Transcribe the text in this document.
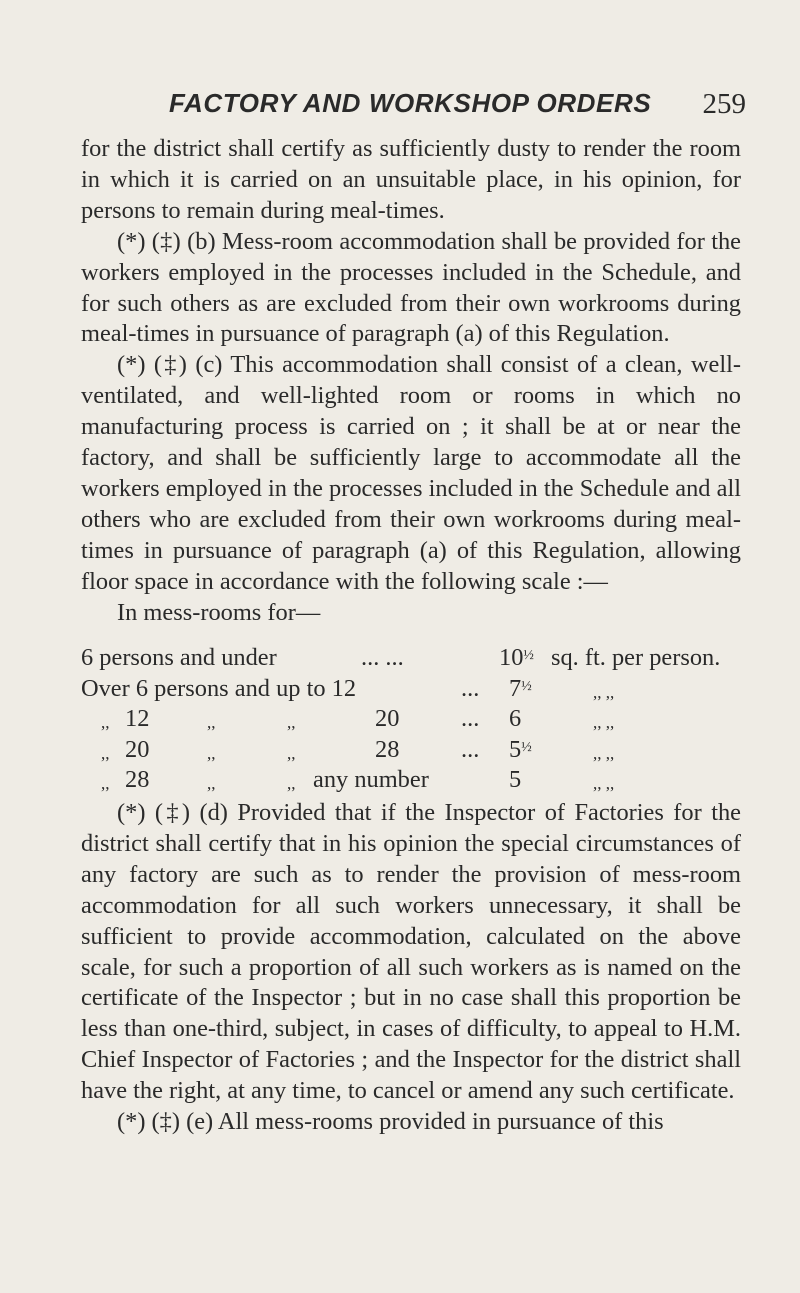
FACTORY AND WORKSHOP ORDERS	259

for the district shall certify as sufficiently dusty to render the room in which it is carried on an unsuitable place, in his opinion, for persons to remain during meal-times.

(*) (‡) (b) Mess-room accommodation shall be provided for the workers employed in the processes included in the Schedule, and for such others as are excluded from their own workrooms during meal-times in pursuance of paragraph (a) of this Regulation.

(*) (‡) (c) This accommodation shall consist of a clean, well-ventilated, and well-lighted room or rooms in which no manufacturing process is carried on ; it shall be at or near the factory, and shall be sufficiently large to accommodate all the workers employed in the processes included in the Schedule and all others who are excluded from their own workrooms during meal-times in pursuance of paragraph (a) of this Regulation, allowing floor space in accordance with the following scale :—

In mess-rooms for—

6 persons and under	... ...	10½ sq. ft. per person.
Over 6 persons and up to 12	... 7½	,, ,,
,, 12	,,	,,	20	... 6	,, ,,
,, 20	,,	,,	28	... 5½	,, ,,
,, 28	,,	,, any number	5	,, ,,

(*) (‡) (d) Provided that if the Inspector of Factories for the district shall certify that in his opinion the special circumstances of any factory are such as to render the provision of mess-room accommodation for all such workers unnecessary, it shall be sufficient to provide accommodation, calculated on the above scale, for such a proportion of all such workers as is named on the certificate of the Inspector ; but in no case shall this proportion be less than one-third, subject, in cases of difficulty, to appeal to H.M. Chief Inspector of Factories ; and the Inspector for the district shall have the right, at any time, to cancel or amend any such certificate.

(*) (‡) (e) All mess-rooms provided in pursuance of this
